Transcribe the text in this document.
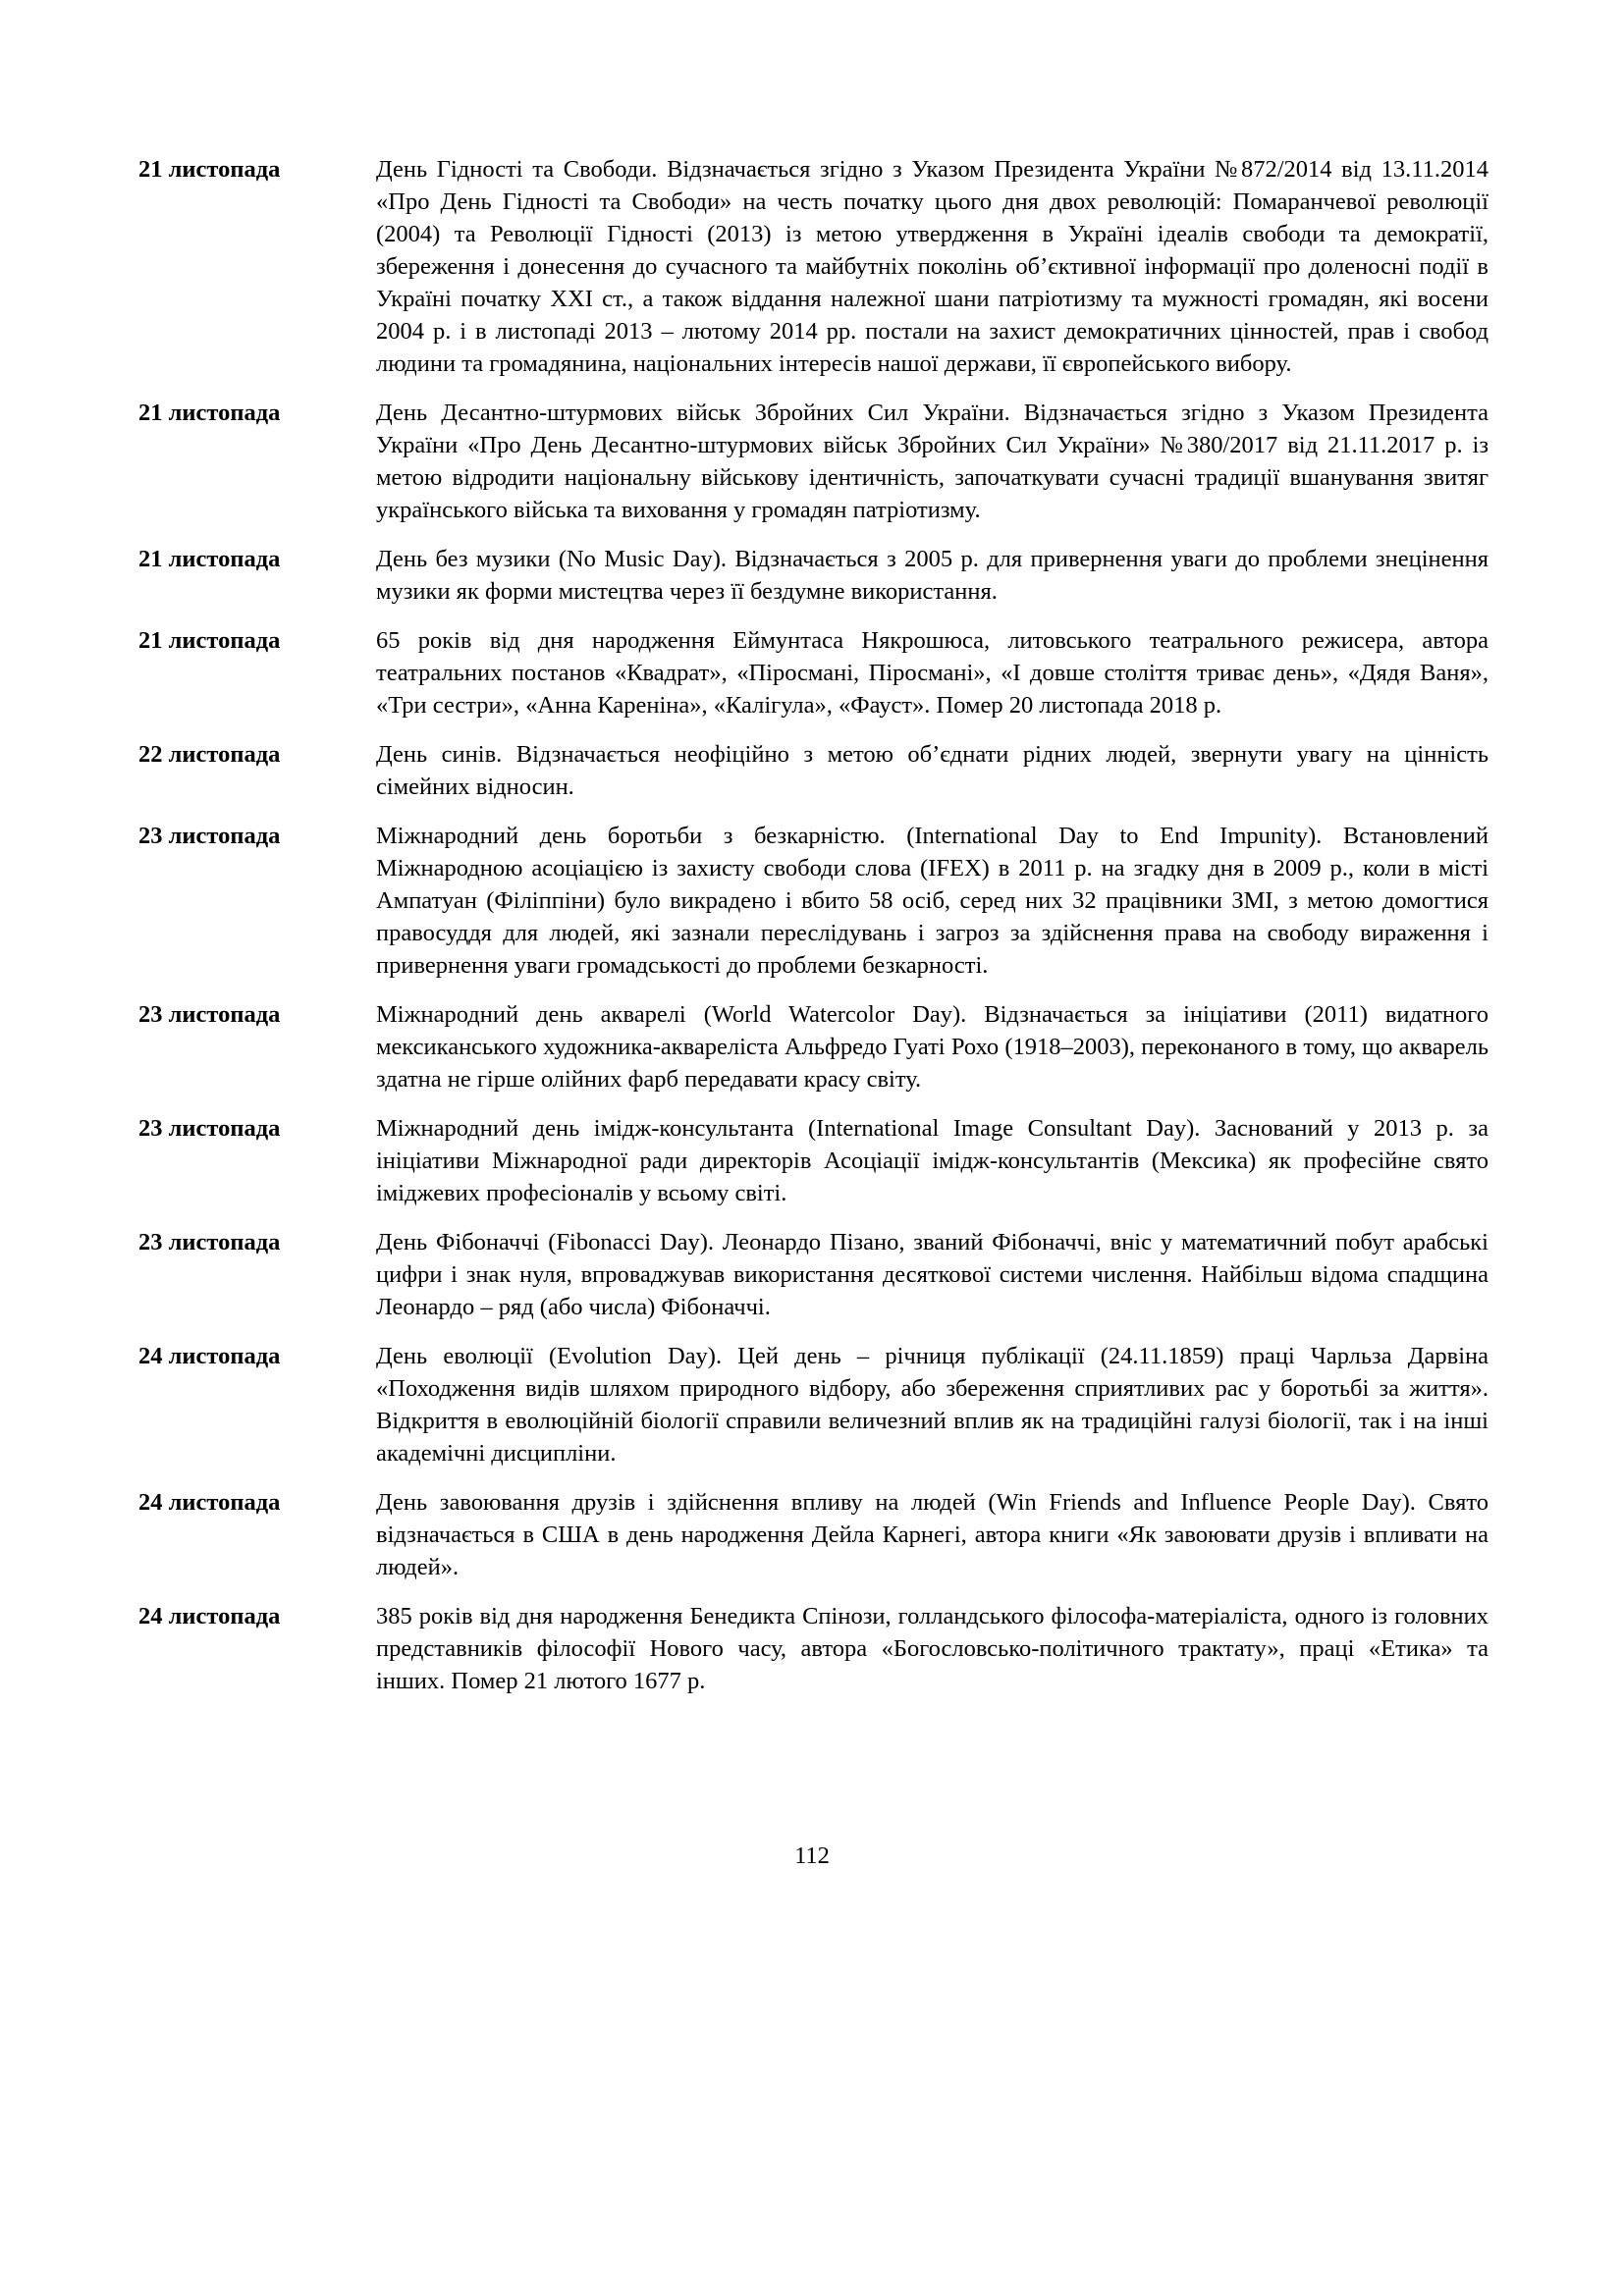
21 листопада	День Гідності та Свободи. Відзначається згідно з Указом Президента України №872/2014 від 13.11.2014 «Про День Гідності та Свободи» на честь початку цього дня двох революцій: Помаранчевої революції (2004) та Революції Гідності (2013) із метою утвердження в Україні ідеалів свободи та демократії, збереження і донесення до сучасного та майбутніх поколінь об’єктивної інформації про доленосні події в Україні початку XXI ст., а також віддання належної шани патріотизму та мужності громадян, які восени 2004 р. і в листопаді 2013 – лютому 2014 рр. постали на захист демократичних цінностей, прав і свобод людини та громадянина, національних інтересів нашої держави, її європейського вибору.
21 листопада	День Десантно-штурмових військ Збройних Сил України. Відзначається згідно з Указом Президента України «Про День Десантно-штурмових військ Збройних Сил України» №380/2017 від 21.11.2017 р. із метою відродити національну військову ідентичність, започаткувати сучасні традиції вшанування звитяг українського війська та виховання у громадян патріотизму.
21 листопада	День без музики (No Music Day). Відзначається з 2005 р. для привернення уваги до проблеми знецінення музики як форми мистецтва через її бездумне використання.
21 листопада	65 років від дня народження Еймунтаса Някрошюса, литовського театрального режисера, автора театральних постанов «Квадрат», «Піросмані, Піросмані», «І довше століття триває день», «Дядя Ваня», «Три сестри», «Анна Кареніна», «Калігула», «Фауст». Помер 20 листопада 2018 р.
22 листопада	День синів. Відзначається неофіційно з метою об’єднати рідних людей, звернути увагу на цінність сімейних відносин.
23 листопада	Міжнародний день боротьби з безкарністю. (International Day to End Impunity). Встановлений Міжнародною асоціацією із захисту свободи слова (IFEX) в 2011 р. на згадку дня в 2009 р., коли в місті Ампатуан (Філіппіни) було викрадено і вбито 58 осіб, серед них 32 працівники ЗМІ, з метою домогтися правосуддя для людей, які зазнали переслідувань і загроз за здійснення права на свободу вираження і привернення уваги громадськості до проблеми безкарності.
23 листопада	Міжнародний день акварелі (World Watercolor Day). Відзначається за ініціативи (2011) видатного мексиканського художника-акварeліста Альфредо Гуаті Рохо (1918–2003), переконаного в тому, що акварель здатна не гірше олійних фарб передавати красу світу.
23 листопада	Міжнародний день імідж-консультанта (International Image Consultant Day). Заснований у 2013 р. за ініціативи Міжнародної ради директорів Асоціації імідж-консультантів (Мексика) як професійне свято іміджевих професіоналів у всьому світі.
23 листопада	День Фібоначчі (Fibonacci Day). Леонардо Пізано, званий Фібоначчі, вніс у математичний побут арабські цифри і знак нуля, впроваджував використання десяткової системи числення. Найбільш відома спадщина Леонардо – ряд (або числа) Фібоначчі.
24 листопада	День еволюції (Evolution Day). Цей день – річниця публікації (24.11.1859) праці Чарльза Дарвіна «Походження видів шляхом природного відбору, або збереження сприятливих рас у боротьбі за життя». Відкриття в еволюційній біології справили величезний вплив як на традиційні галузі біології, так і на інші академічні дисципліни.
24 листопада	День завоювання друзів і здійснення впливу на людей (Win Friends and Influence People Day). Свято відзначається в США в день народження Дейла Карнегі, автора книги «Як завоювати друзів і впливати на людей».
24 листопада	385 років від дня народження Бенедикта Спінози, голландського філософа-матеріаліста, одного із головних представників філософії Нового часу, автора «Богословсько-політичного трактату», праці «Етика» та інших. Помер 21 лютого 1677 р.
112
